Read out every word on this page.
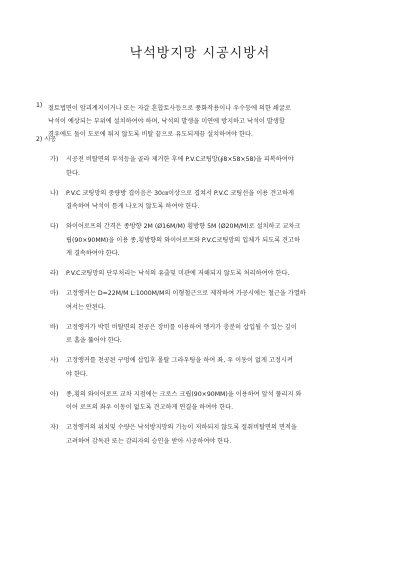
낙석방지망 시공시방서
1) 절토법면이 암괴계지이거나 또는 자갈 혼합토사등으로 풍화작용이나 우수등에 의한 쇄굴로
낙석이 예상되는 부위에 설치하여야 하며, 낙석의 발생을 미연에 방지하고 낙석이 발생할
경우에도 돌이 도로에 튀지 않도록 비탈 끝으로 유도되게끔 설치하여야 한다.
2) 시공
가) 시공전 비탈면의 부석등을 골라 제거한 후에 P.V.C코팅망(∮8×58×58)을 피복하여야
한다.
나) P.V.C 코팅망의 중량방 겹이음은 30㎝이상으로 겹쳐서 P.V.C 코팅선을 이용 견고하게
결속하여 낙석이 틈게 나오지 않도록 하여야 한다.
다) 와이어로프의 간격은 종방향 2M (Ø16M/M) 횡방향 5M (Ø20M/M)로 설치하고 교차크
립(90×90MM)을 이용 종,횡방향의 와이어로프와 P.V.C코팅망의 입체가 되도록 견고하
게 결속하여야 한다.
라) P.V.C코팅망의 단부처리는 낙석의 유출및 미관에 저해되지 않도록 처리하여야 한다.
마) 고정앵커는 D=22M/M L:1000M/M의 이형철근으로 제작하여 가공시에는 철근을 가열하
여서는 안된다.
바) 고정앵커가 박힌 비탈면의 천공은 장비를 이용하여 앵커가 충분히 삽입될 수 있는 깊이
로 홈을 뚫어야 한다.
사) 고정앵커를 천공된 구멍에 삽입후 몰탈 그라우팅을 하여 좌, 우 이동이 없게 고정시켜
야 한다.
아) 종,횡의 와이어로프 교차 지점에는 크로스 크립(90×90MM)을 이용하여 앞석 풀리지 와
이어 로프의 좌우 이동이 없도록 견고하게 연결을 하여야 한다.
자) 고정앵커의 위치및 수량은 낙석방지망의 기능이 저하되지 않도록 절취비탈면의 면적을
고려하여 감독관 또는 감리자의 승인을 받아 시공하여야 한다.
